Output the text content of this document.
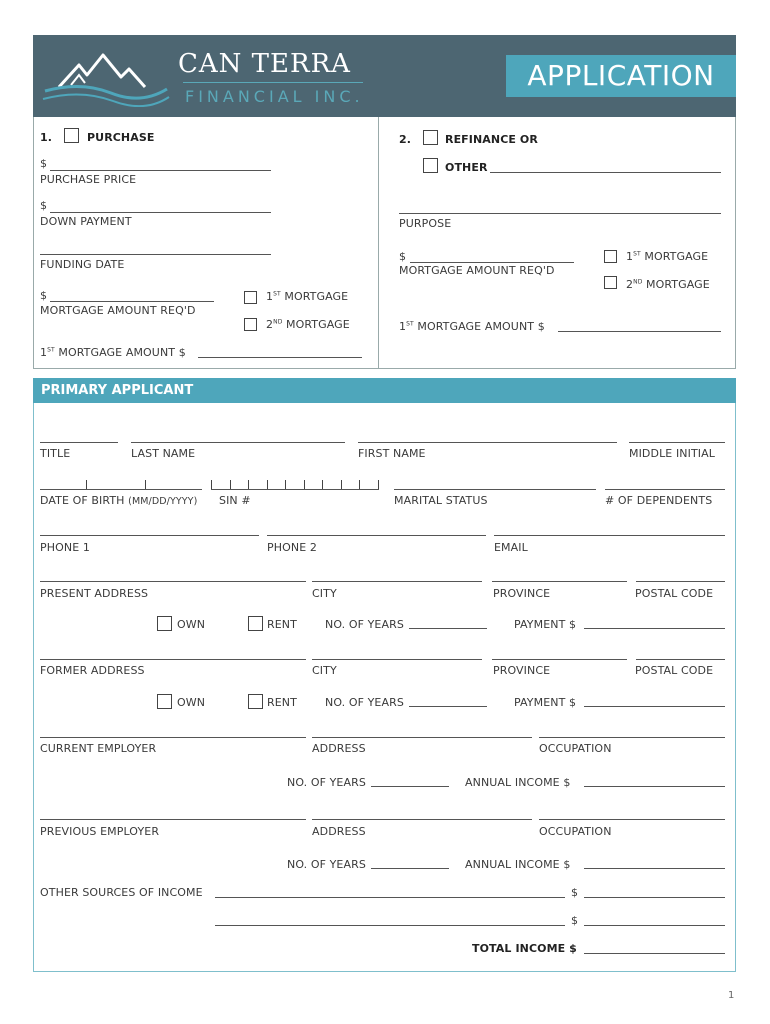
CAN TERRA
FINANCIAL INC.
APPLICATION
1.	PURCHASE
$
PURCHASE PRICE
$
DOWN PAYMENT
FUNDING DATE
$
MORTGAGE AMOUNT REQ'D
1ST MORTGAGE
2ND MORTGAGE
1ST MORTGAGE AMOUNT $
2.	REFINANCE OR
OTHER
PURPOSE
$
MORTGAGE AMOUNT REQ'D
1ST MORTGAGE
2ND MORTGAGE
1ST MORTGAGE AMOUNT $
PRIMARY APPLICANT
TITLE	LAST NAME	FIRST NAME	MIDDLE INITIAL
DATE OF BIRTH (MM/DD/YYYY) SIN #	MARITAL STATUS	# OF DEPENDENTS
PHONE 1	PHONE 2	EMAIL
PRESENT ADDRESS	CITY	PROVINCE	POSTAL CODE
OWN	RENT	NO. OF YEARS	PAYMENT $
FORMER ADDRESS	CITY	PROVINCE	POSTAL CODE
OWN	RENT	NO. OF YEARS	PAYMENT $
CURRENT EMPLOYER	ADDRESS	OCCUPATION
NO. OF YEARS	ANNUAL INCOME $
PREVIOUS EMPLOYER	ADDRESS	OCCUPATION
NO. OF YEARS	ANNUAL INCOME $
OTHER SOURCES OF INCOME	$
$
TOTAL INCOME $
1
